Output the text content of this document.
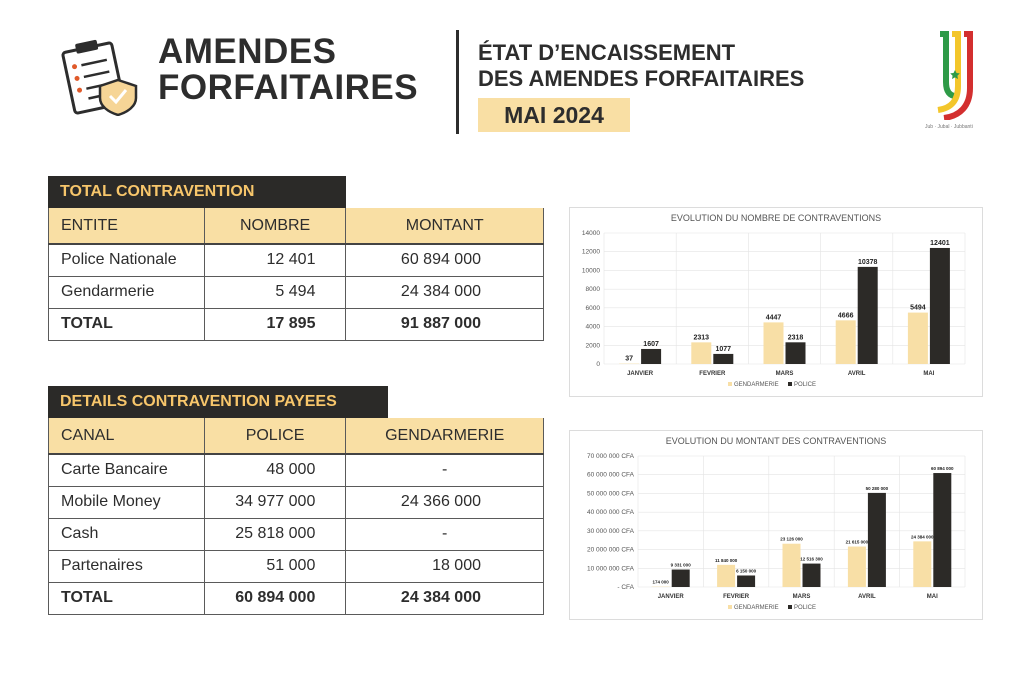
AMENDES
FORFAITAIRES
ÉTAT D’ENCAISSEMENT
DES AMENDES FORFAITAIRES
MAI 2024	Jub · Jubal · Jubbanti
TOTAL CONTRAVENTION
ENTITE	NOMBRE	MONTANT
Police Nationale	12 401	60 894 000
Gendarmerie	5 494	24 384 000
TOTAL	17 895	91 887 000
DETAILS CONTRAVENTION PAYEES
CANAL	POLICE	GENDARMERIE
Carte Bancaire	48 000	-
Mobile Money	34 977 000	24 366 000
Cash	25 818 000	-
Partenaires	51 000	18 000
TOTAL	60 894 000	24 384 000
EVOLUTION DU NOMBRE DE CONTRAVENTIONS
0
2000
4000
6000
8000
10000
12000
14000
37
1607
JANVIER
2313
1077
FEVRIER
4447
2318
MARS
4666
10378
AVRIL
5494
12401
MAI
GENDARMERIE	POLICE
EVOLUTION DU MONTANT DES CONTRAVENTIONS
- CFA
10 000 000 CFA
20 000 000 CFA
30 000 000 CFA
40 000 000 CFA
50 000 000 CFA
60 000 000 CFA
70 000 000 CFA
174 000
9 331 000
JANVIER
11 840 000
6 150 000
FEVRIER
23 126 000
12 516 300
MARS
21 615 000
50 280 000
AVRIL
24 384 000
60 894 000
MAI
GENDARMERIE	POLICE
